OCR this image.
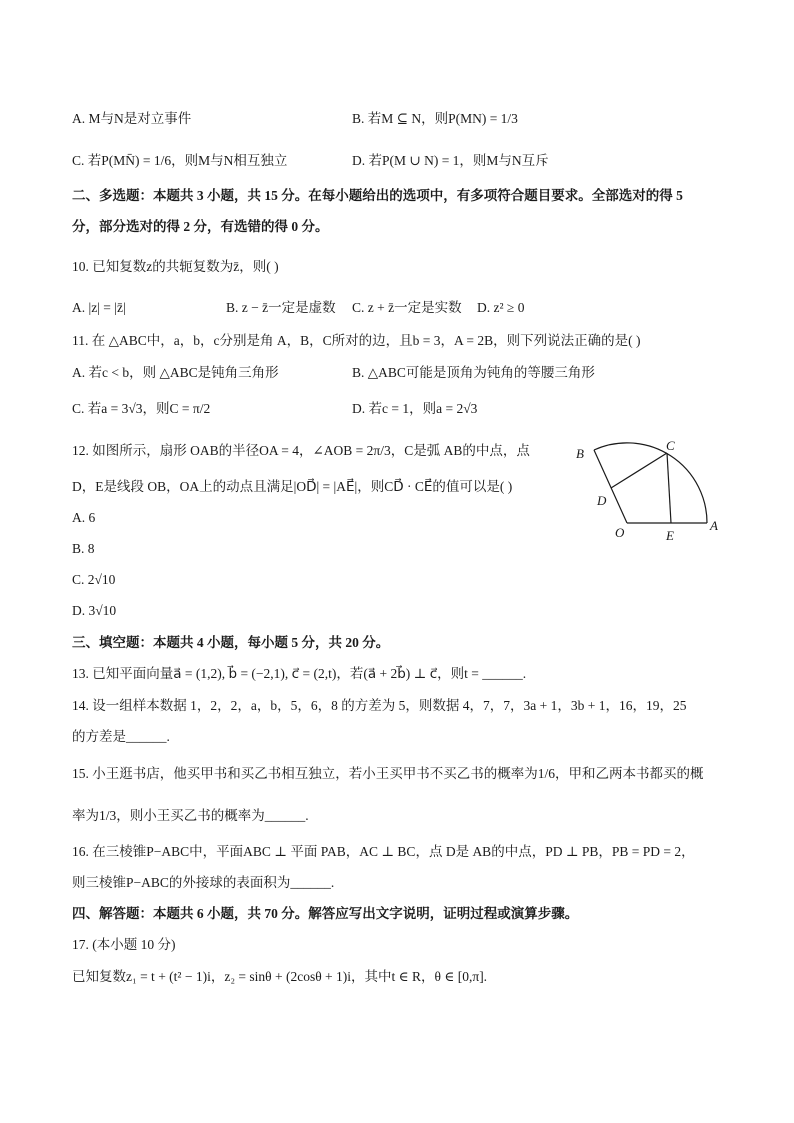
A. M与N是对立事件	B. 若M ⊆ N，则P(MN) = 1/3
C. 若P(MN̄) = 1/6，则M与N相互独立	D. 若P(M ∪ N) = 1，则M与N互斥
二、多选题：本题共 3 小题，共 15 分。在每小题给出的选项中，有多项符合题目要求。全部选对的得 5
分，部分选对的得 2 分，有选错的得 0 分。
10. 已知复数z的共轭复数为z̄，则( )
A. |z| = |z̄|	B. z − z̄一定是虚数 C. z + z̄一定是实数 D. z² ≥ 0
11. 在 △ABC中，a，b，c分别是角 A，B，C所对的边，且b = 3，A = 2B，则下列说法正确的是( )
A. 若c < b，则 △ABC是钝角三角形	B. △ABC可能是顶角为钝角的等腰三角形
C. 若a = 3√3，则C = π/2	D. 若c = 1，则a = 2√3
12. 如图所示，扇形 OAB的半径OA = 4，∠AOB = 2π/3，C是弧 AB的中点，点
D，E是线段 OB，OA上的动点且满足|OD⃗| = |AE⃗|，则CD⃗ · CE⃗的值可以是( )
A. 6
B. 8
C. 2√10
D. 3√10
B
C
D
O	E
A
三、填空题：本题共 4 小题，每小题 5 分，共 20 分。
13. 已知平面向量a⃗ = (1,2), b⃗ = (−2,1), c⃗ = (2,t)，若(a⃗ + 2b⃗) ⊥ c⃗，则t = ______.
14. 设一组样本数据 1，2，2，a，b，5，6，8 的方差为 5，则数据 4，7，7，3a + 1，3b + 1，16，19，25
的方差是______.
15. 小王逛书店，他买甲书和买乙书相互独立，若小王买甲书不买乙书的概率为1/6，甲和乙两本书都买的概
率为1/3，则小王买乙书的概率为______.
16. 在三棱锥P−ABC中，平面ABC ⊥ 平面 PAB，AC ⊥ BC，点 D是 AB的中点，PD ⊥ PB，PB = PD = 2，
则三棱锥P−ABC的外接球的表面积为______.
四、解答题：本题共 6 小题，共 70 分。解答应写出文字说明，证明过程或演算步骤。
17. (本小题 10 分)
已知复数z₁ = t + (t² − 1)i，z₂ = sinθ + (2cosθ + 1)i，其中t ∈ R，θ ∈ [0,π].
